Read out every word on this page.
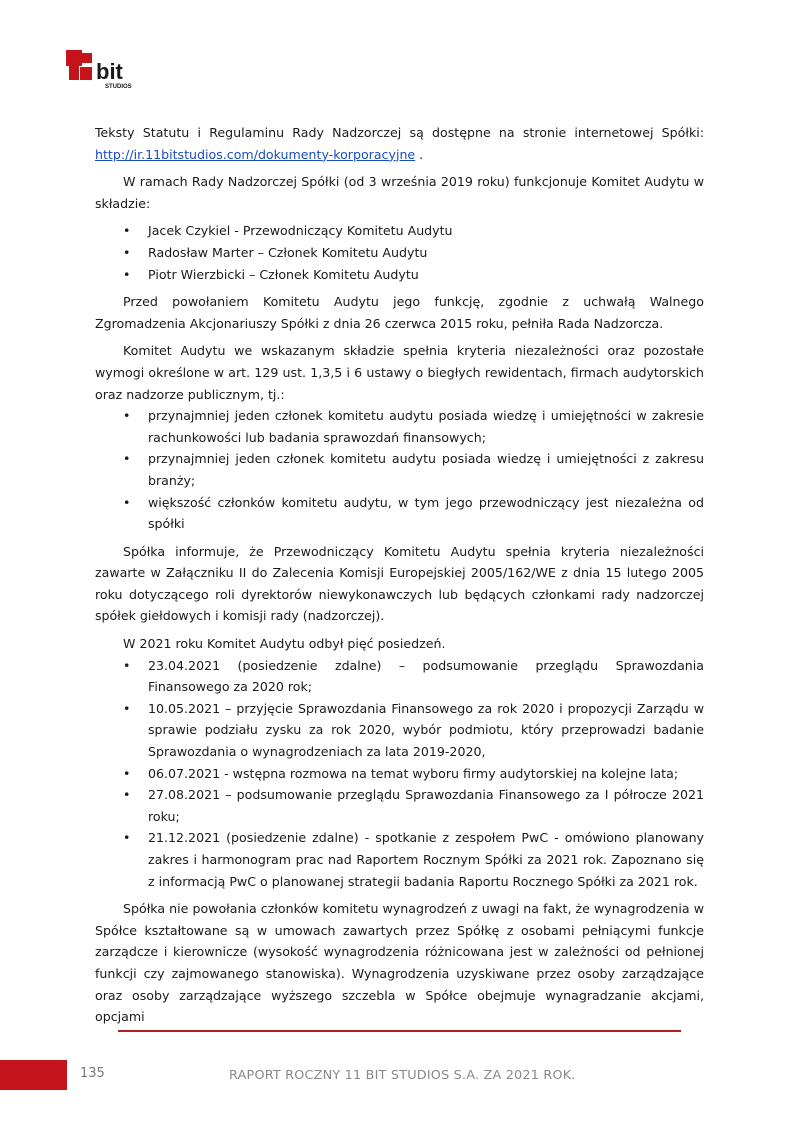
bit
STUDIOS

Teksty Statutu i Regulaminu Rady Nadzorczej są dostępne na stronie internetowej Spółki: http://ir.11bitstudios.com/dokumenty-korporacyjne .

W ramach Rady Nadzorczej Spółki (od 3 września 2019 roku) funkcjonuje Komitet Audytu w składzie:

• Jacek Czykiel - Przewodniczący Komitetu Audytu
• Radosław Marter – Członek Komitetu Audytu
• Piotr Wierzbicki – Członek Komitetu Audytu

Przed powołaniem Komitetu Audytu jego funkcję, zgodnie z uchwałą Walnego Zgromadzenia Akcjonariuszy Spółki z dnia 26 czerwca 2015 roku, pełniła Rada Nadzorcza.

Komitet Audytu we wskazanym składzie spełnia kryteria niezależności oraz pozostałe wymogi określone w art. 129 ust. 1,3,5 i 6 ustawy o biegłych rewidentach, firmach audytorskich oraz nadzorze publicznym, tj.:

• przynajmniej jeden członek komitetu audytu posiada wiedzę i umiejętności w zakresie rachunkowości lub badania sprawozdań finansowych;
• przynajmniej jeden członek komitetu audytu posiada wiedzę i umiejętności z zakresu branży;
• większość członków komitetu audytu, w tym jego przewodniczący jest niezależna od spółki

Spółka informuje, że Przewodniczący Komitetu Audytu spełnia kryteria niezależności zawarte w Załączniku II do Zalecenia Komisji Europejskiej 2005/162/WE z dnia 15 lutego 2005 roku dotyczącego roli dyrektorów niewykonawczych lub będących członkami rady nadzorczej spółek giełdowych i komisji rady (nadzorczej).

W 2021 roku Komitet Audytu odbył pięć posiedzeń.

• 23.04.2021 (posiedzenie zdalne) – podsumowanie przeglądu Sprawozdania Finansowego za 2020 rok;
• 10.05.2021 – przyjęcie Sprawozdania Finansowego za rok 2020 i propozycji Zarządu w sprawie podziału zysku za rok 2020, wybór podmiotu, który przeprowadzi badanie Sprawozdania o wynagrodzeniach za lata 2019-2020,
• 06.07.2021 - wstępna rozmowa na temat wyboru firmy audytorskiej na kolejne lata;
• 27.08.2021 – podsumowanie przeglądu Sprawozdania Finansowego za I półrocze 2021 roku;
• 21.12.2021 (posiedzenie zdalne) - spotkanie z zespołem PwC - omówiono planowany zakres i harmonogram prac nad Raportem Rocznym Spółki za 2021 rok. Zapoznano się z informacją PwC o planowanej strategii badania Raportu Rocznego Spółki za 2021 rok.

Spółka nie powołania członków komitetu wynagrodzeń z uwagi na fakt, że wynagrodzenia w Spółce kształtowane są w umowach zawartych przez Spółkę z osobami pełniącymi funkcje zarządcze i kierownicze (wysokość wynagrodzenia różnicowana jest w zależności od pełnionej funkcji czy zajmowanego stanowiska). Wynagrodzenia uzyskiwane przez osoby zarządzające oraz osoby zarządzające wyższego szczebla w Spółce obejmuje wynagradzanie akcjami, opcjami

135	RAPORT ROCZNY 11 BIT STUDIOS S.A. ZA 2021 ROK.
